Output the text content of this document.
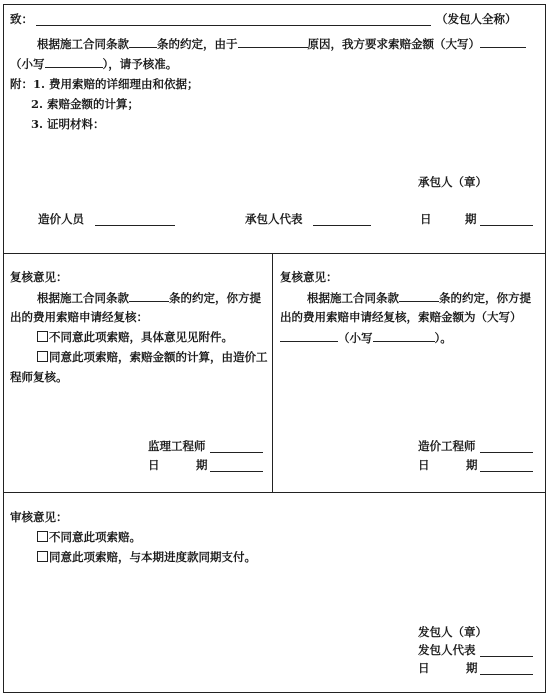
致：	（发包人全称）
根据施工合同条款 条的约定，由于	原因，我方要求索赔金额（大写）
（小写	），请予核准。
附：1. 费用索赔的详细理由和依据；
2. 索赔金额的计算；
3. 证明材料：
承包人（章）
造价人员	承包人代表	日	期
复核意见：
根据施工合同条款	条的约定，你方提
出的费用索赔申请经复核：
不同意此项索赔，具体意见见附件。
同意此项索赔，索赔金额的计算，由造价工
程师复核。
监理工程师
日	期
复核意见：
根据施工合同条款	条的约定，你方提
出的费用索赔申请经复核，索赔金额为（大写）
（小写	）。
造价工程师
日	期
审核意见：
不同意此项索赔。
同意此项索赔，与本期进度款同期支付。
发包人（章）
发包人代表
日	期
